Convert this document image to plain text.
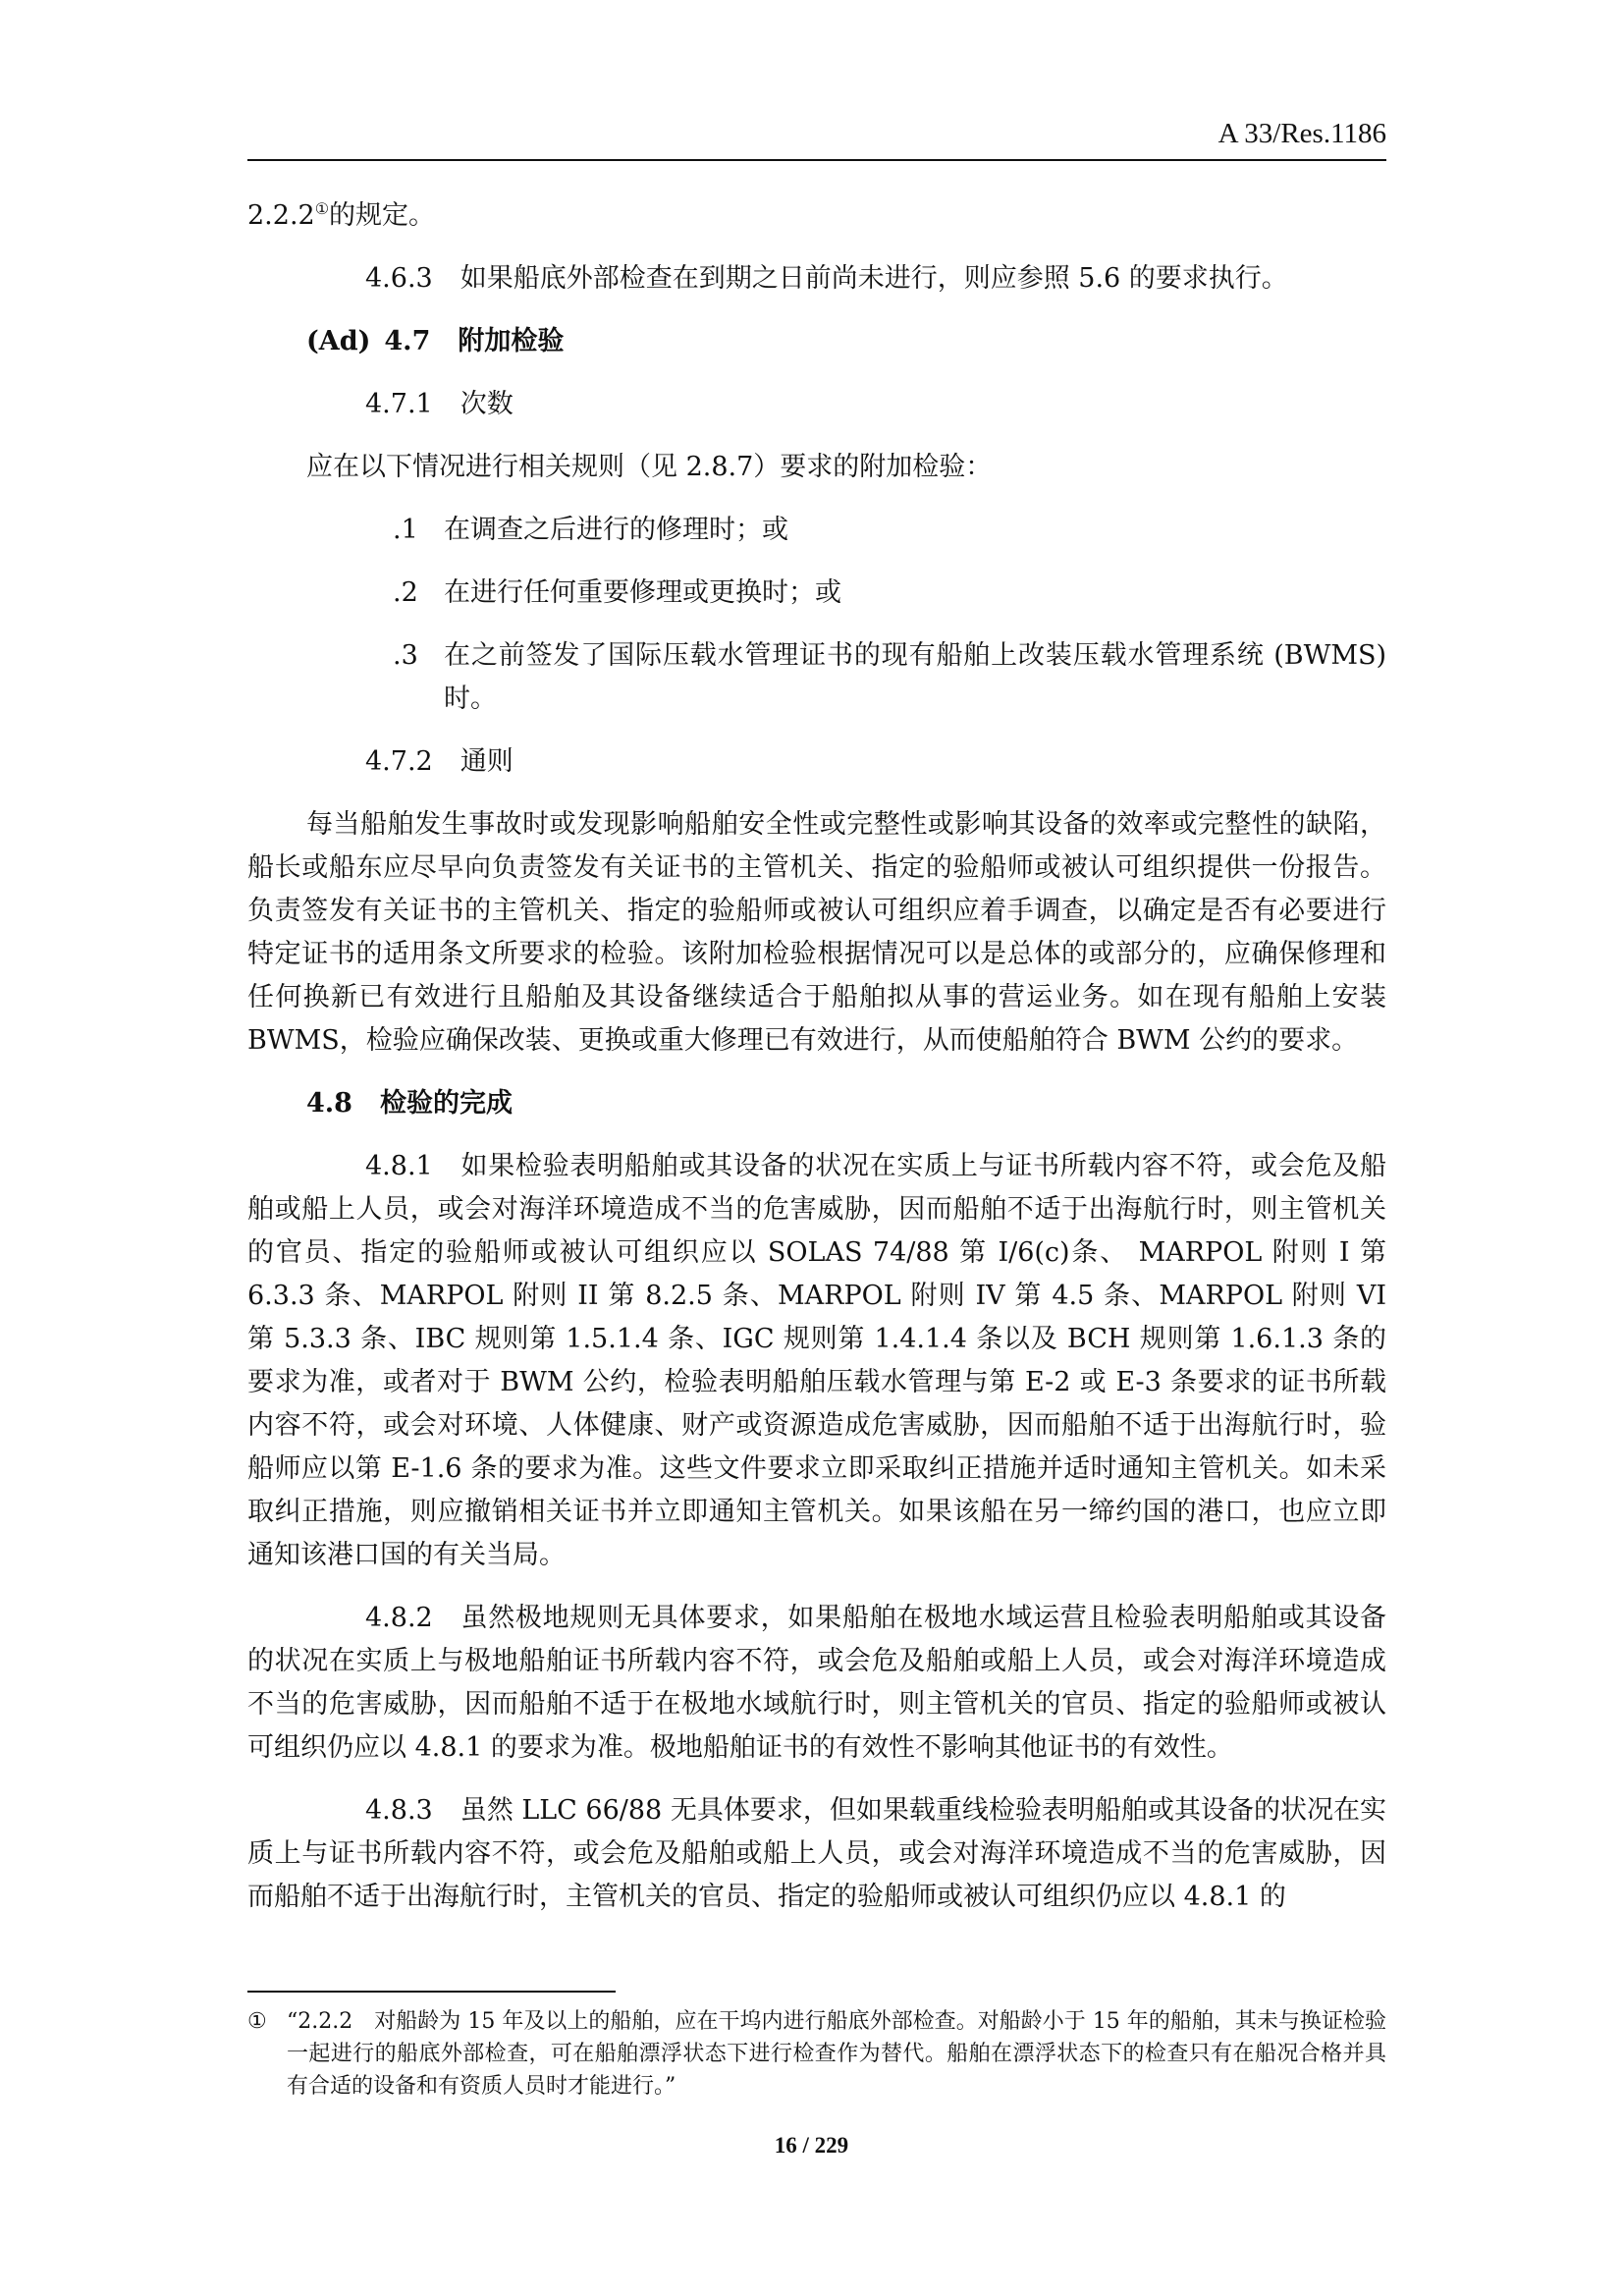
A 33/Res.1186

2.2.2①的规定。

4.6.3 如果船底外部检查在到期之日前尚未进行，则应参照 5.6 的要求执行。

(Ad) 4.7 附加检验

4.7.1 次数

应在以下情况进行相关规则（见 2.8.7）要求的附加检验：

.1 在调查之后进行的修理时；或

.2 在进行任何重要修理或更换时；或

.3 在之前签发了国际压载水管理证书的现有船舶上改装压载水管理系统 (BWMS)时。

4.7.2 通则

每当船舶发生事故时或发现影响船舶安全性或完整性或影响其设备的效率或完整性的缺陷，船长或船东应尽早向负责签发有关证书的主管机关、指定的验船师或被认可组织提供一份报告。负责签发有关证书的主管机关、指定的验船师或被认可组织应着手调查，以确定是否有必要进行特定证书的适用条文所要求的检验。该附加检验根据情况可以是总体的或部分的，应确保修理和任何换新已有效进行且船舶及其设备继续适合于船舶拟从事的营运业务。如在现有船舶上安装 BWMS，检验应确保改装、更换或重大修理已有效进行，从而使船舶符合 BWM 公约的要求。

4.8 检验的完成

4.8.1 如果检验表明船舶或其设备的状况在实质上与证书所载内容不符，或会危及船舶或船上人员，或会对海洋环境造成不当的危害威胁，因而船舶不适于出海航行时，则主管机关的官员、指定的验船师或被认可组织应以 SOLAS 74/88 第 I/6(c)条、 MARPOL 附则 I 第 6.3.3 条、MARPOL 附则 II 第 8.2.5 条、MARPOL 附则 IV 第 4.5 条、MARPOL 附则 VI 第 5.3.3 条、IBC 规则第 1.5.1.4 条、IGC 规则第 1.4.1.4 条以及 BCH 规则第 1.6.1.3 条的要求为准，或者对于 BWM 公约，检验表明船舶压载水管理与第 E-2 或 E-3 条要求的证书所载内容不符，或会对环境、人体健康、财产或资源造成危害威胁，因而船舶不适于出海航行时，验船师应以第 E-1.6 条的要求为准。这些文件要求立即采取纠正措施并适时通知主管机关。如未采取纠正措施，则应撤销相关证书并立即通知主管机关。如果该船在另一缔约国的港口，也应立即通知该港口国的有关当局。

4.8.2 虽然极地规则无具体要求，如果船舶在极地水域运营且检验表明船舶或其设备的状况在实质上与极地船舶证书所载内容不符，或会危及船舶或船上人员，或会对海洋环境造成不当的危害威胁，因而船舶不适于在极地水域航行时，则主管机关的官员、指定的验船师或被认可组织仍应以 4.8.1 的要求为准。极地船舶证书的有效性不影响其他证书的有效性。

4.8.3 虽然 LLC 66/88 无具体要求，但如果载重线检验表明船舶或其设备的状况在实质上与证书所载内容不符，或会危及船舶或船上人员，或会对海洋环境造成不当的危害威胁，因而船舶不适于出海航行时，主管机关的官员、指定的验船师或被认可组织仍应以 4.8.1 的

① “2.2.2　对船龄为 15 年及以上的船舶，应在干坞内进行船底外部检查。对船龄小于 15 年的船舶，其未与换证检验一起进行的船底外部检查，可在船舶漂浮状态下进行检查作为替代。船舶在漂浮状态下的检查只有在船况合格并具有合适的设备和有资质人员时才能进行。”
16 / 229
